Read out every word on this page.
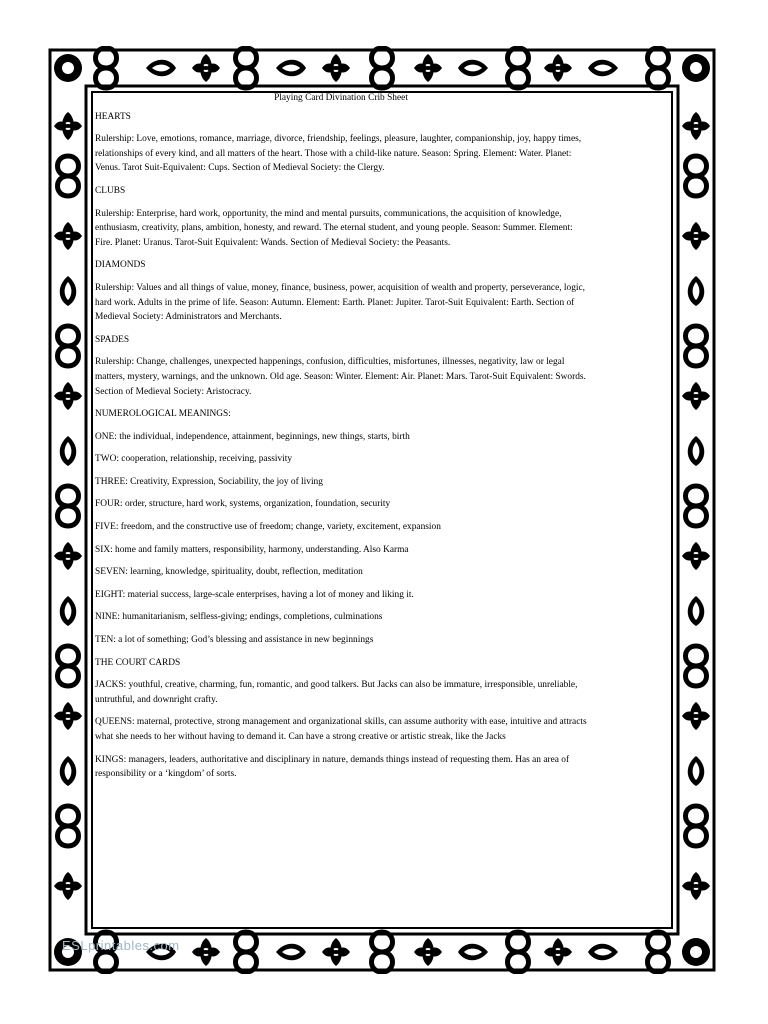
Playing Card Divination Crib Sheet
HEARTS
Rulership: Love, emotions, romance, marriage, divorce, friendship, feelings, pleasure, laughter, companionship, joy, happy times, relationships of every kind, and all matters of the heart. Those with a child-like nature. Season: Spring. Element: Water. Planet: Venus. Tarot Suit-Equivalent: Cups. Section of Medieval Society: the Clergy.
CLUBS
Rulership: Enterprise, hard work, opportunity, the mind and mental pursuits, communications, the acquisition of knowledge, enthusiasm, creativity, plans, ambition, honesty, and reward. The eternal student, and young people. Season: Summer. Element: Fire. Planet: Uranus. Tarot-Suit Equivalent: Wands. Section of Medieval Society: the Peasants.
DIAMONDS
Rulership: Values and all things of value, money, finance, business, power, acquisition of wealth and property, perseverance, logic, hard work. Adults in the prime of life. Season: Autumn. Element: Earth. Planet: Jupiter. Tarot-Suit Equivalent: Earth. Section of Medieval Society: Administrators and Merchants.
SPADES
Rulership: Change, challenges, unexpected happenings, confusion, difficulties, misfortunes, illnesses, negativity, law or legal matters, mystery, warnings, and the unknown. Old age. Season: Winter. Element: Air. Planet: Mars. Tarot-Suit Equivalent: Swords. Section of Medieval Society: Aristocracy.
NUMEROLOGICAL MEANINGS:
ONE: the individual, independence, attainment, beginnings, new things, starts, birth
TWO: cooperation, relationship, receiving, passivity
THREE: Creativity, Expression, Sociability, the joy of living
FOUR: order, structure, hard work, systems, organization, foundation, security
FIVE: freedom, and the constructive use of freedom; change, variety, excitement, expansion
SIX: home and family matters, responsibility, harmony, understanding. Also Karma
SEVEN: learning, knowledge, spirituality, doubt, reflection, meditation
EIGHT: material success, large-scale enterprises, having a lot of money and liking it.
NINE: humanitarianism, selfless-giving; endings, completions, culminations
TEN: a lot of something; God’s blessing and assistance in new beginnings
THE COURT CARDS
JACKS: youthful, creative, charming, fun, romantic, and good talkers. But Jacks can also be immature, irresponsible, unreliable, untruthful, and downright crafty.
QUEENS: maternal, protective, strong management and organizational skills, can assume authority with ease, intuitive and attracts what she needs to her without having to demand it. Can have a strong creative or artistic streak, like the Jacks
KINGS: managers, leaders, authoritative and disciplinary in nature, demands things instead of requesting them. Has an area of responsibility or a ‘kingdom’ of sorts.
ESLprintables.com
